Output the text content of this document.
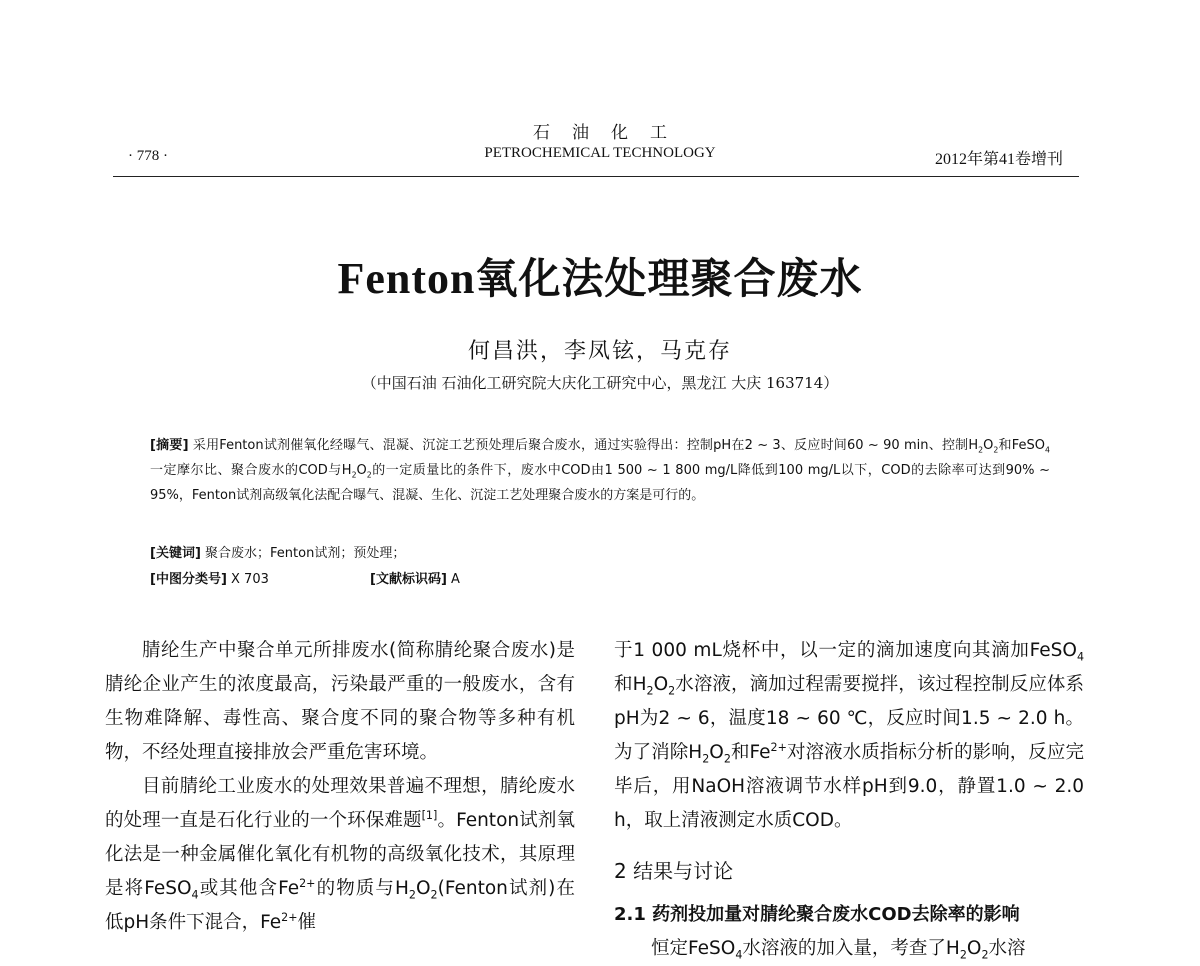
石油化工
· 778 ·	PETROCHEMICAL TECHNOLOGY	2012年第41卷增刊
Fenton氧化法处理聚合废水
何昌洪，李凤铉，马克存
（中国石油 石油化工研究院大庆化工研究中心，黑龙江 大庆 163714）
[摘要] 采用Fenton试剂催氧化经曝气、混凝、沉淀工艺预处理后聚合废水，通过实验得出：控制pH在2 ~ 3、反应时间60 ~ 90 min、控制$H_2O_2$和FeSO$_4$一定摩尔比、聚合废水的COD与$H_2O_2$的一定质量比的条件下，废水中COD由1 500 ~ 1 800 mg/L降低到100 mg/L以下，COD的去除率可达到90% ~ 95%，Fenton试剂高级氧化法配合曝气、混凝、生化、沉淀工艺处理聚合废水的方案是可行的。
[关键词] 聚合废水；Fenton试剂；预处理；
[中图分类号] X 703	[文献标识码] A

腈纶生产中聚合单元所排废水(简称腈纶聚合废水)是腈纶企业产生的浓度最高，污染最严重的一般废水，含有生物难降解、毒性高、聚合度不同的聚合物等多种有机物，不经处理直接排放会严重危害环境。

目前腈纶工业废水的处理效果普遍不理想，腈纶废水的处理一直是石化行业的一个环保难题[1]。Fenton试剂氧化法是一种金属催化氧化有机物的高级氧化技术，其原理是将FeSO$_4$或其他含$Fe^{2+}$的物质与$H_2O_2(Fenton$试剂)在低pH条件下混合，$Fe^{2+}$催

于1 000 mL烧杯中，以一定的滴加速度向其滴加FeSO$_4$和$H_2O_2$水溶液，滴加过程需要搅拌，该过程控制反应体系pH为2 ~ 6，温度18 ~ 60 ℃，反应时间1.5 ~ 2.0 h。为了消除$H_2O_2$和$Fe^{2+}$对溶液水质指标分析的影响，反应完毕后，用NaOH溶液调节水样pH到9.0，静置1.0 ~ 2.0 h，取上清液测定水质COD。

2 结果与讨论

2.1 药剂投加量对腈纶聚合废水COD去除率的影响

恒定FeSO$_4$水溶液的加入量，考查了$H_2O_2$水溶
